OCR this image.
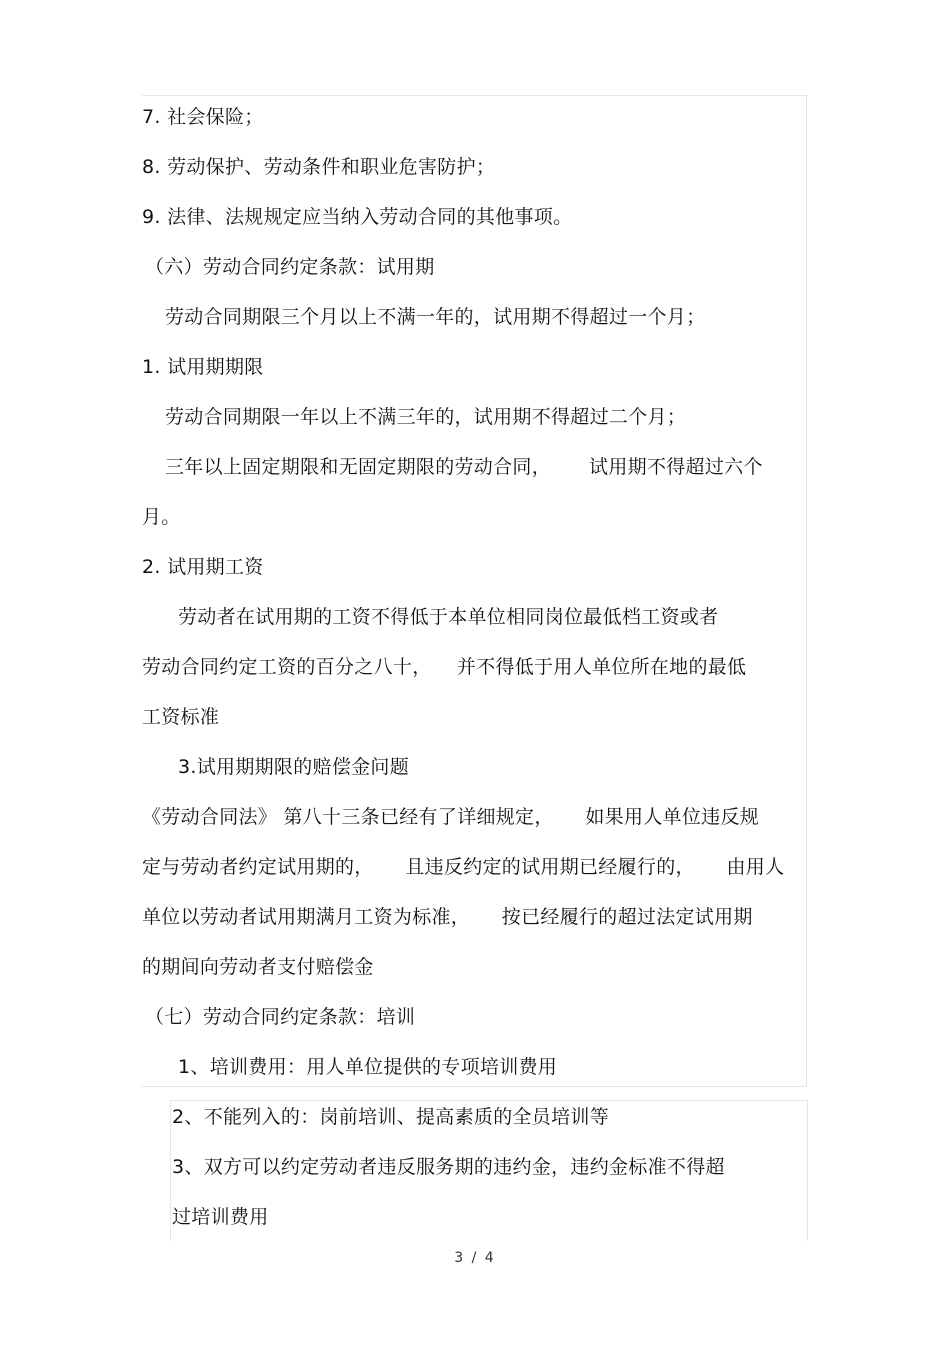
7. 社会保险；
8. 劳动保护、劳动条件和职业危害防护；
9. 法律、法规规定应当纳入劳动合同的其他事项。
（六）劳动合同约定条款：试用期
劳动合同期限三个月以上不满一年的，试用期不得超过一个月；
1. 试用期期限
劳动合同期限一年以上不满三年的，试用期不得超过二个月；
三年以上固定期限和无固定期限的劳动合同，      试用期不得超过六个
月。
2. 试用期工资
劳动者在试用期的工资不得低于本单位相同岗位最低档工资或者
劳动合同约定工资的百分之八十，    并不得低于用人单位所在地的最低
工资标准
3.试用期期限的赔偿金问题
《劳动合同法》 第八十三条已经有了详细规定，     如果用人单位违反规
定与劳动者约定试用期的，     且违反约定的试用期已经履行的，     由用人
单位以劳动者试用期满月工资为标准，     按已经履行的超过法定试用期
的期间向劳动者支付赔偿金
（七）劳动合同约定条款：培训
1、培训费用：用人单位提供的专项培训费用
2、不能列入的：岗前培训、提高素质的全员培训等
3、双方可以约定劳动者违反服务期的违约金，违约金标准不得超
过培训费用
3 / 4
